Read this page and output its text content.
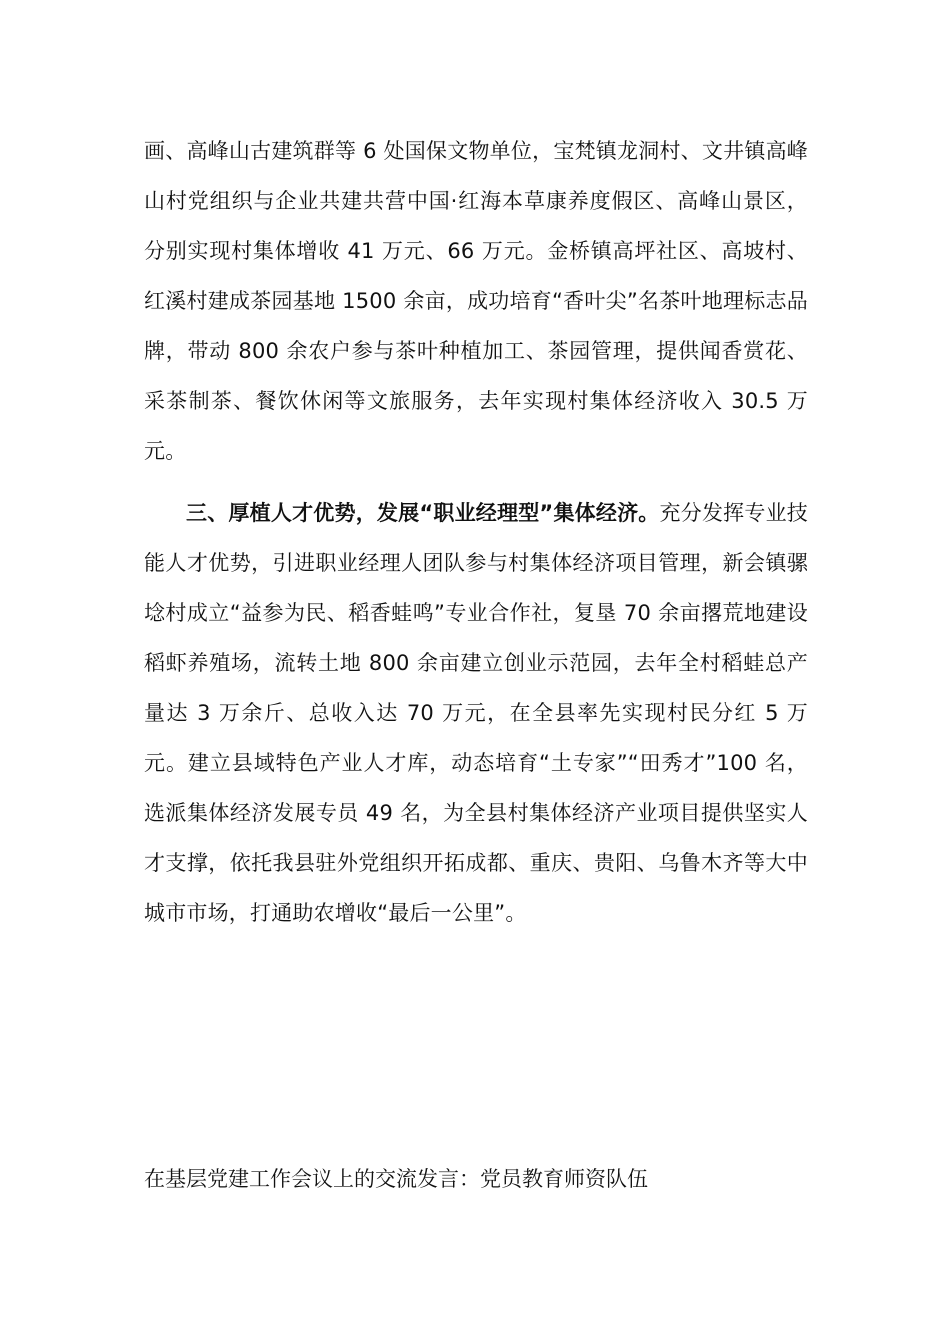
画、高峰山古建筑群等 6 处国保文物单位，宝梵镇龙洞村、文井镇高峰山村党组织与企业共建共营中国·红海本草康养度假区、高峰山景区，分别实现村集体增收 41 万元、66 万元。金桥镇高坪社区、高坡村、红溪村建成茶园基地 1500 余亩，成功培育“香叶尖”名茶叶地理标志品牌，带动 800 余农户参与茶叶种植加工、茶园管理，提供闻香赏花、采茶制茶、餐饮休闲等文旅服务，去年实现村集体经济收入 30.5 万元。

三、厚植人才优势，发展“职业经理型”集体经济。充分发挥专业技能人才优势，引进职业经理人团队参与村集体经济项目管理，新会镇骡埝村成立“益参为民、稻香蛙鸣”专业合作社，复垦 70 余亩撂荒地建设稻虾养殖场，流转土地 800 余亩建立创业示范园，去年全村稻蛙总产量达 3 万余斤、总收入达 70 万元，在全县率先实现村民分红 5 万元。建立县域特色产业人才库，动态培育“土专家”“田秀才”100 名，选派集体经济发展专员 49 名，为全县村集体经济产业项目提供坚实人才支撑，依托我县驻外党组织开拓成都、重庆、贵阳、乌鲁木齐等大中城市市场，打通助农增收“最后一公里”。

在基层党建工作会议上的交流发言：党员教育师资队伍
